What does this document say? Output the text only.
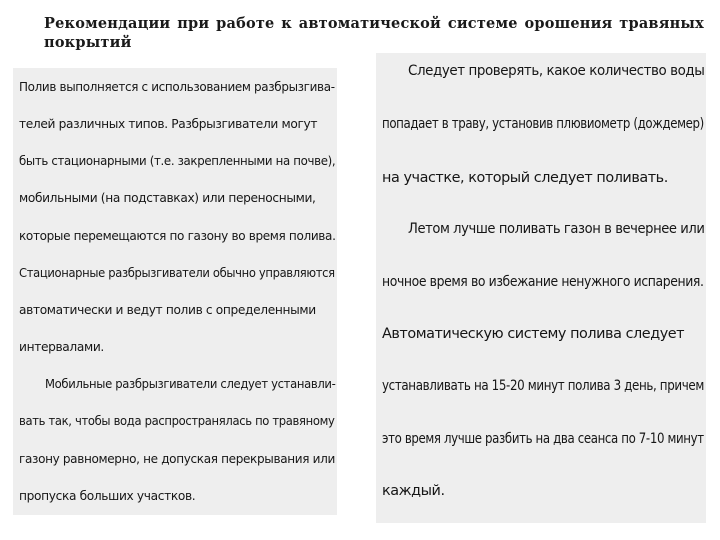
Рекомендации при работе к автоматической системе орошения травяных покрытий
Полив выполняется с использованием разбрызгива-
телей различных типов. Разбрызгиватели могут
быть стационарными (т.е. закрепленными на почве),
мобильными (на подставках) или переносными,
которые перемещаются по газону во время полива.
Стационарные разбрызгиватели обычно управляются
автоматически и ведут полив с определенными
интервалами.
Мобильные разбрызгиватели следует устанавли-
вать так, чтобы вода распространялась по травяному
газону равномерно, не допуская перекрывания или
пропуска больших участков.
Следует проверять, какое количество воды
попадает в траву, установив плювиометр (дождемер)
на участке, который следует поливать.
Летом лучше поливать газон в вечернее или
ночное время во избежание ненужного испарения.
Автоматическую систему полива следует
устанавливать на 15-20 минут полива 3 день, причем
это время лучше разбить на два сеанса по 7-10 минут
каждый.
